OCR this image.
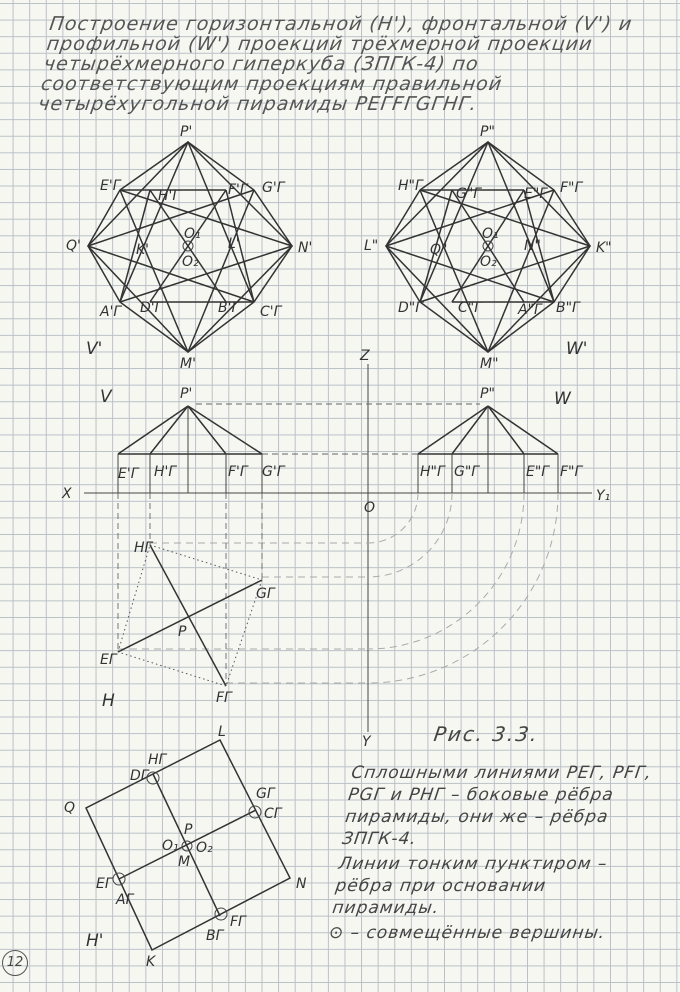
Построение горизонтальной (H'), фронтальной (V') и профильной (W') проекций трёхмерной проекции четырёхмерного гиперкуба (ЗПГК-4) по соответствующим проекциям правильной четырёхугольной пирамиды PEΓFΓGΓHΓ.
P'
M'
Q'	N'
K'	L'
E'Γ
H'Γ	F'Γ G'Γ
A'Γ D'Γ	B'Γ C'Γ
O₁
O₂
V'
P"
M"
L"	K"
Q"	N"
H"Γ G"Γ	E"Γ F"Γ
D"Γ C"Γ	A"Γ B"Γ
O₁
O₂
W'
Z
X	Y₁
O
Y
V	W
P'	P"
E'Γ H'Γ	F'Γ G'Γ	H"Γ G"Γ	E"Γ F"Γ
HΓ
GΓ
EΓ
FΓ
P
H
L
Q
N
K
H'
HΓ
DΓ
GΓ
CΓ
EΓ
AΓ
FΓ
BΓ
P
O₁ O₂
M
Рис. 3.3.
Сплошными линиями PEΓ, PFΓ, PGΓ и PHΓ – боковые рёбра пирамиды, они же – рёбра ЗПГК-4.
Линии тонким пунктиром – рёбра при основании пирамиды.
⊙ – совмещённые вершины.
12
